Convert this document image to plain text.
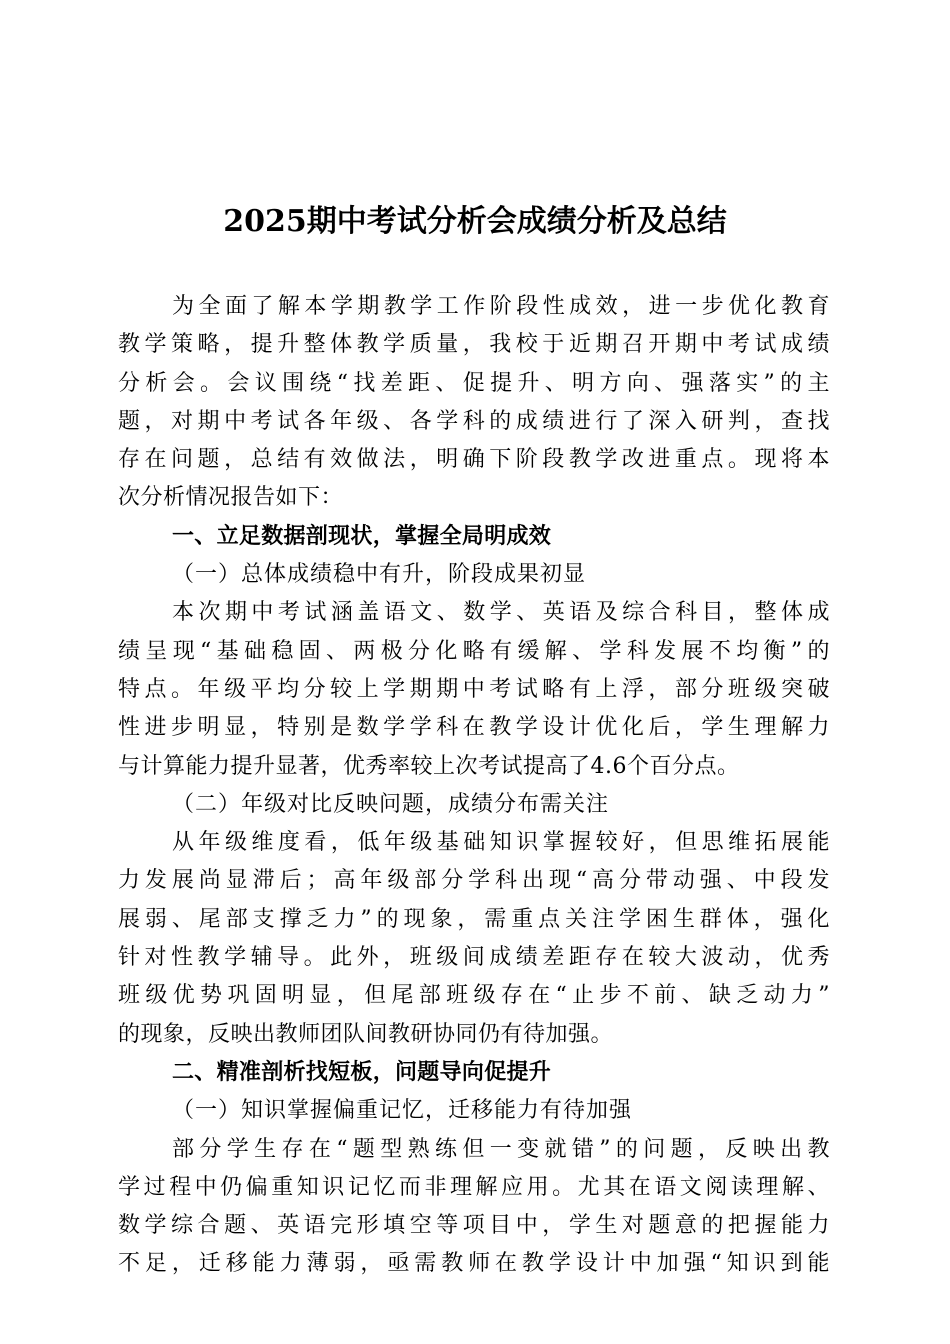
2025期中考试分析会成绩分析及总结
为全面了解本学期教学工作阶段性成效，进一步优化教育
教学策略，提升整体教学质量，我校于近期召开期中考试成绩
分析会。会议围绕“找差距、促提升、明方向、强落实”的主
题，对期中考试各年级、各学科的成绩进行了深入研判，查找
存在问题，总结有效做法，明确下阶段教学改进重点。现将本
次分析情况报告如下：
一、立足数据剖现状，掌握全局明成效
（一）总体成绩稳中有升，阶段成果初显
本次期中考试涵盖语文、数学、英语及综合科目，整体成
绩呈现“基础稳固、两极分化略有缓解、学科发展不均衡”的
特点。年级平均分较上学期期中考试略有上浮，部分班级突破
性进步明显，特别是数学学科在教学设计优化后，学生理解力
与计算能力提升显著，优秀率较上次考试提高了4.6个百分点。
（二）年级对比反映问题，成绩分布需关注
从年级维度看，低年级基础知识掌握较好，但思维拓展能
力发展尚显滞后；高年级部分学科出现“高分带动强、中段发
展弱、尾部支撑乏力”的现象，需重点关注学困生群体，强化
针对性教学辅导。此外，班级间成绩差距存在较大波动，优秀
班级优势巩固明显，但尾部班级存在“止步不前、缺乏动力”
的现象，反映出教师团队间教研协同仍有待加强。
二、精准剖析找短板，问题导向促提升
（一）知识掌握偏重记忆，迁移能力有待加强
部分学生存在“题型熟练但一变就错”的问题，反映出教
学过程中仍偏重知识记忆而非理解应用。尤其在语文阅读理解、
数学综合题、英语完形填空等项目中，学生对题意的把握能力
不足，迁移能力薄弱，亟需教师在教学设计中加强“知识到能
